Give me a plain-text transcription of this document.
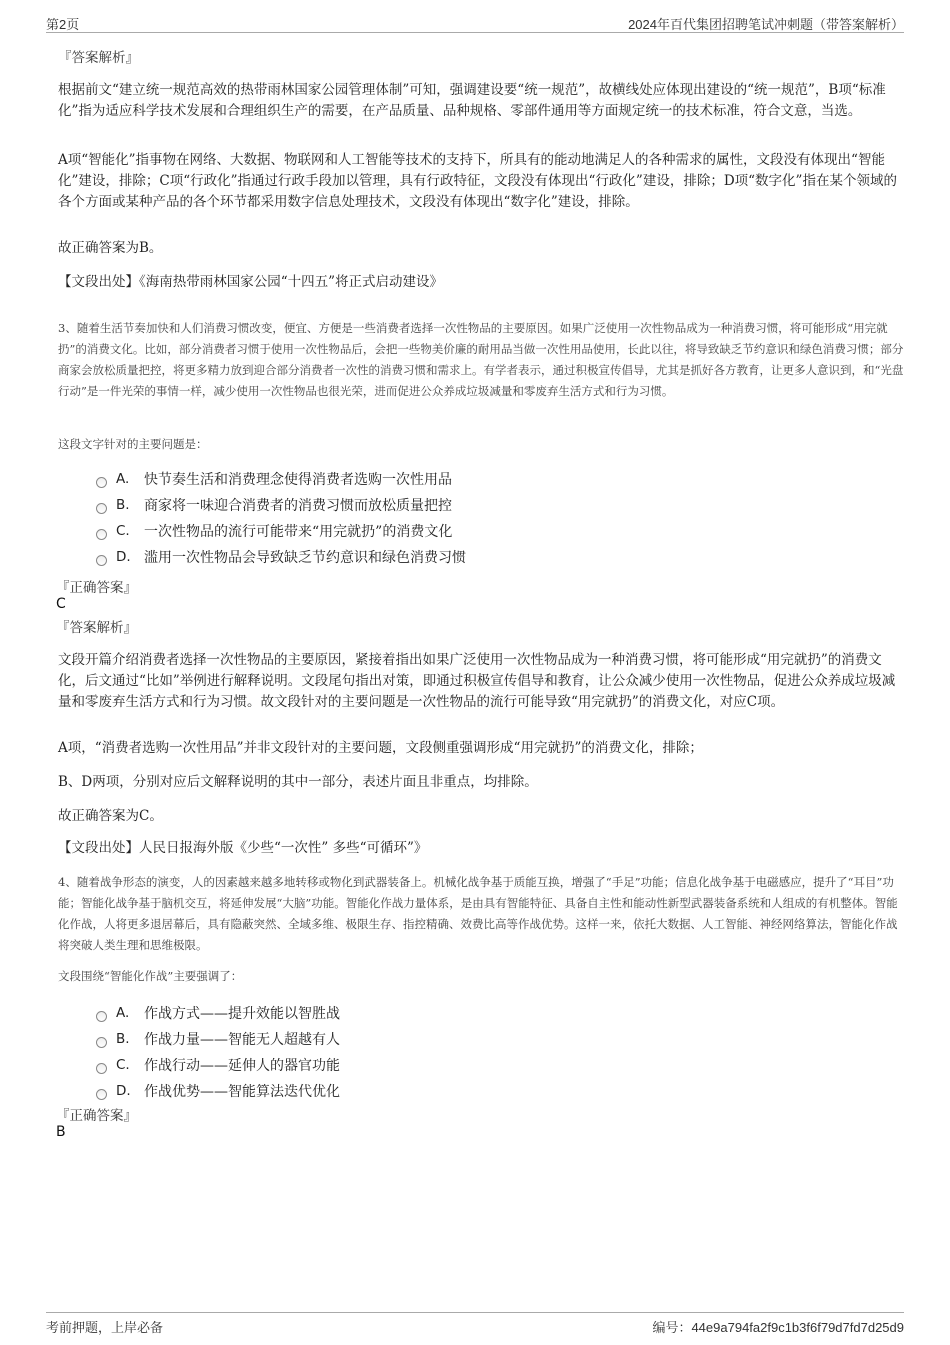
第2页	2024年百代集团招聘笔试冲刺题（带答案解析）
『答案解析』

根据前文“建立统一规范高效的热带雨林国家公园管理体制”可知，强调建设要“统一规范”，故横线处应体现出建设的“统一规范”，B项“标准化”指为适应科学技术发展和合理组织生产的需要，在产品质量、品种规格、零部件通用等方面规定统一的技术标准，符合文意，当选。

A项“智能化”指事物在网络、大数据、物联网和人工智能等技术的支持下，所具有的能动地满足人的各种需求的属性，文段没有体现出“智能化”建设，排除；C项“行政化”指通过行政手段加以管理，具有行政特征，文段没有体现出“行政化”建设，排除；D项“数字化”指在某个领域的各个方面或某种产品的各个环节都采用数字信息处理技术，文段没有体现出“数字化”建设，排除。

故正确答案为B。

【文段出处】《海南热带雨林国家公园“十四五”将正式启动建设》

3、随着生活节奏加快和人们消费习惯改变，便宜、方便是一些消费者选择一次性物品的主要原因。如果广泛使用一次性物品成为一种消费习惯，将可能形成“用完就扔”的消费文化。比如，部分消费者习惯于使用一次性物品后，会把一些物美价廉的耐用品当做一次性用品使用，长此以往，将导致缺乏节约意识和绿色消费习惯；部分商家会放松质量把控，将更多精力放到迎合部分消费者一次性的消费习惯和需求上。有学者表示，通过积极宣传倡导，尤其是抓好各方教育，让更多人意识到，和“光盘行动”是一件光荣的事情一样，减少使用一次性物品也很光荣，进而促进公众养成垃圾减量和零废弃生活方式和行为习惯。
这段文字针对的主要问题是：
A.	快节奏生活和消费理念使得消费者选购一次性用品
B.	商家将一味迎合消费者的消费习惯而放松质量把控
C.	一次性物品的流行可能带来“用完就扔”的消费文化
D. 滥用一次性物品会导致缺乏节约意识和绿色消费习惯
『正确答案』
C
『答案解析』

文段开篇介绍消费者选择一次性物品的主要原因，紧接着指出如果广泛使用一次性物品成为一种消费习惯，将可能形成“用完就扔”的消费文化，后文通过“比如”举例进行解释说明。文段尾句指出对策，即通过积极宣传倡导和教育，让公众减少使用一次性物品，促进公众养成垃圾减量和零废弃生活方式和行为习惯。故文段针对的主要问题是一次性物品的流行可能导致“用完就扔”的消费文化，对应C项。

A项，“消费者选购一次性用品”并非文段针对的主要问题，文段侧重强调形成“用完就扔”的消费文化，排除；

B、D两项，分别对应后文解释说明的其中一部分，表述片面且非重点，均排除。

故正确答案为C。

【文段出处】人民日报海外版《少些“一次性” 多些“可循环”》

4、随着战争形态的演变，人的因素越来越多地转移或物化到武器装备上。机械化战争基于质能互换，增强了“手足”功能；信息化战争基于电磁感应，提升了“耳目”功能；智能化战争基于脑机交互，将延伸发展“大脑”功能。智能化作战力量体系，是由具有智能特征、具备自主性和能动性新型武器装备系统和人组成的有机整体。智能化作战，人将更多退居幕后，具有隐蔽突然、全域多维、极限生存、指控精确、效费比高等作战优势。这样一来，依托大数据、人工智能、神经网络算法，智能化作战将突破人类生理和思维极限。
文段围绕“智能化作战”主要强调了：
A.	作战方式——提升效能以智胜战
B.	作战力量——智能无人超越有人
C.	作战行动——延伸人的器官功能
D. 作战优势——智能算法迭代优化
『正确答案』
B
考前押题，上岸必备	编号：44e9a794fa2f9c1b3f6f79d7fd7d25d9
